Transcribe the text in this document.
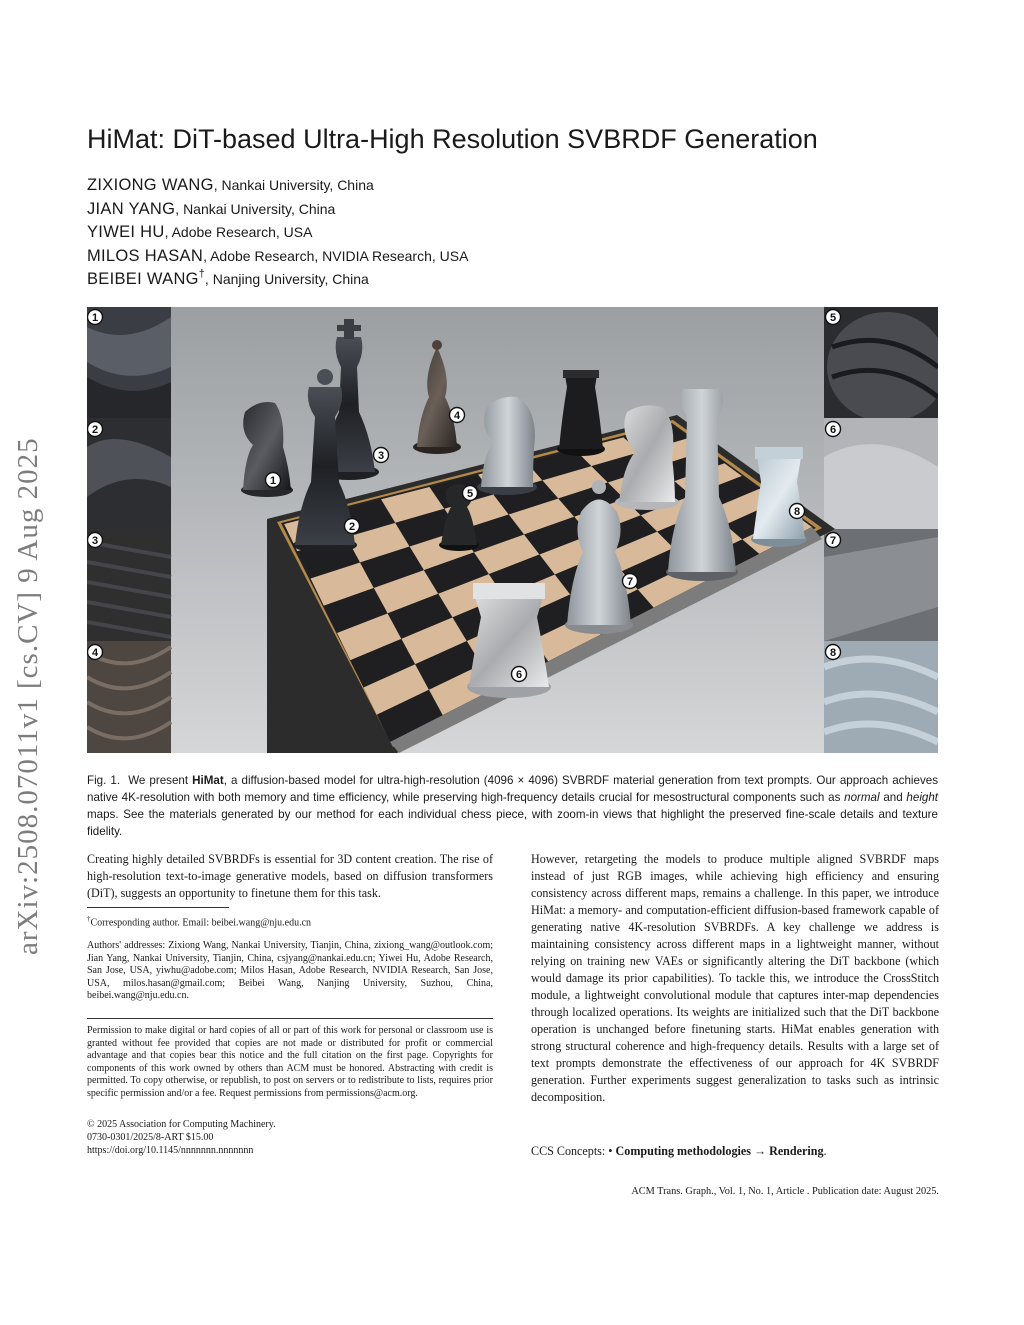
arXiv:2508.07011v1 [cs.CV] 9 Aug 2025
HiMat: DiT-based Ultra-High Resolution SVBRDF Generation
ZIXIONG WANG, Nankai University, China
JIAN YANG, Nankai University, China
YIWEI HU, Adobe Research, USA
MILOS HASAN, Adobe Research, NVIDIA Research, USA
BEIBEI WANG†, Nanjing University, China
1
2
3
4
5
6
7
8
1
2
3
4
5
6
7
8

Fig. 1. We present HiMat, a diffusion-based model for ultra-high-resolution (4096 × 4096) SVBRDF material generation from text prompts. Our approach achieves native 4K-resolution with both memory and time efficiency, while preserving high-frequency details crucial for mesostructural components such as normal and height maps. See the materials generated by our method for each individual chess piece, with zoom-in views that highlight the preserved fine-scale details and texture fidelity.

Creating highly detailed SVBRDFs is essential for 3D content creation. The rise of high-resolution text-to-image generative models, based on diffusion transformers (DiT), suggests an opportunity to finetune them for this task.

†Corresponding author. Email: beibei.wang@nju.edu.cn

Authors' addresses: Zixiong Wang, Nankai University, Tianjin, China, zixiong_wang@outlook.com; Jian Yang, Nankai University, Tianjin, China, csjyang@nankai.edu.cn; Yiwei Hu, Adobe Research, San Jose, USA, yiwhu@adobe.com; Milos Hasan, Adobe Research, NVIDIA Research, San Jose, USA, milos.hasan@gmail.com; Beibei Wang, Nanjing University, Suzhou, China, beibei.wang@nju.edu.cn.

Permission to make digital or hard copies of all or part of this work for personal or classroom use is granted without fee provided that copies are not made or distributed for profit or commercial advantage and that copies bear this notice and the full citation on the first page. Copyrights for components of this work owned by others than ACM must be honored. Abstracting with credit is permitted. To copy otherwise, or republish, to post on servers or to redistribute to lists, requires prior specific permission and/or a fee. Request permissions from permissions@acm.org.

© 2025 Association for Computing Machinery.

0730-0301/2025/8-ART $15.00

https://doi.org/10.1145/nnnnnnn.nnnnnnn

However, retargeting the models to produce multiple aligned SVBRDF maps instead of just RGB images, while achieving high efficiency and ensuring consistency across different maps, remains a challenge. In this paper, we introduce HiMat: a memory- and computation-efficient diffusion-based framework capable of generating native 4K-resolution SVBRDFs. A key challenge we address is maintaining consistency across different maps in a lightweight manner, without relying on training new VAEs or significantly altering the DiT backbone (which would damage its prior capabilities). To tackle this, we introduce the CrossStitch module, a lightweight convolutional module that captures inter-map dependencies through localized operations. Its weights are initialized such that the DiT backbone operation is unchanged before finetuning starts. HiMat enables generation with strong structural coherence and high-frequency details. Results with a large set of text prompts demonstrate the effectiveness of our approach for 4K SVBRDF generation. Further experiments suggest generalization to tasks such as intrinsic decomposition.

CCS Concepts: • Computing methodologies → Rendering.

ACM Trans. Graph., Vol. 1, No. 1, Article . Publication date: August 2025.
